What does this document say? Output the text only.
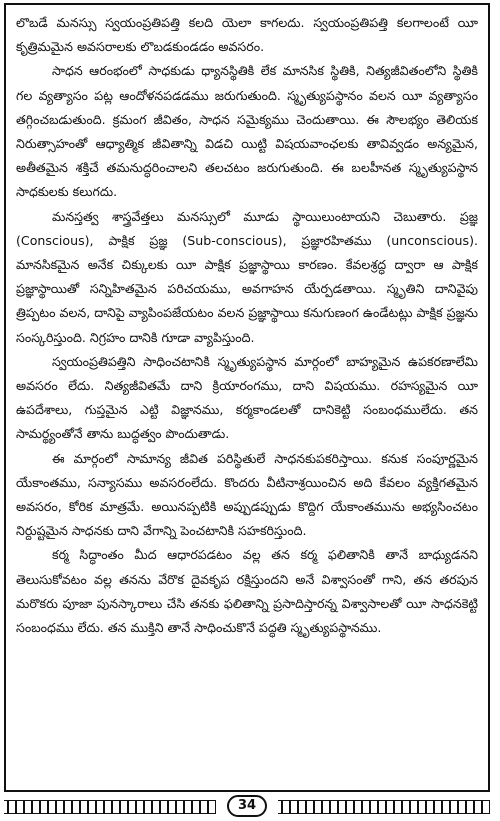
లొబడే మనస్సు స్వయంప్రతిపత్తి కలది యెలా కాగలదు. స్వయంప్రతిపత్తి కలగాలంటే యీ కృత్రిమమైన అవసరాలకు లొబడకుండడం అవసరం.

సాధన ఆరంభంలో సాధకుడు ధ్యానస్థితికి లేక మానసిక స్థితికి, నిత్యజీవితంలోని స్థితికి గల వ్యత్యాసం పట్ల ఆందోళనపడడము జరుగుతుంది. స్మృత్యుపస్థానం వలన యీ వ్యత్యాసం తగ్గించబడుతుంది. క్రమంగ జీవితం, సాధన సమైక్యము చెందుతాయి. ఈ సౌలభ్యం తెలియక నిరుత్సాహంతో ఆధ్యాత్మిక జీవితాన్ని విడచి యిట్టి విషయవాంఛలకు తావివ్వడం అన్యమైన, అతీతమైన శక్తిచే తమనుద్ధరించాలని తలచటం జరుగుతుంది. ఈ బలహీనత స్మృత్యుపస్థాన సాధకులకు కలుగదు.

మనస్తత్వ శాస్త్రవేత్తలు మనస్సులో మూడు స్థాయిలుంటాయని చెబుతారు. ప్రజ్ఞ (Conscious), పాక్షిక ప్రజ్ఞ (Sub-conscious), ప్రజ్ఞారహితము (unconscious). మానసికమైన అనేక చిక్కులకు యీ పాక్షిక ప్రజ్ఞాస్థాయి కారణం. కేవలశ్రద్ధ ద్వారా ఆ పాక్షిక ప్రజ్ఞాస్థాయితో సన్నిహితమైన పరిచయము, అవగాహన యేర్పడతాయి. స్మృతిని దానివైపు త్రిప్పటం వలన, దానిపై వ్యాపింపజేయటం వలన ప్రజ్ఞాస్థాయి కనుగుణంగ ఉండేటట్లు పాక్షిక ప్రజ్ఞను సంస్కరిస్తుంది. నిగ్రహం దానికి గూడా వ్యాపిస్తుంది.

స్వయంప్రతిపత్తిని సాధించటానికి స్మృత్యుపస్థాన మార్గంలో బాహ్యమైన ఉపకరణాలేమి అవసరం లేదు. నిత్యజీవితమే దాని క్రియారంగము, దాని విషయము. రహస్యమైన యీ ఉపదేశాలు, గుప్తమైన ఎట్టి విజ్ఞానము, కర్మకాండలతో దానికెట్టి సంబంధములేదు. తన సామర్థ్యంతోనే తాను బుద్ధత్వం పొందుతాడు.

ఈ మార్గంలో సామాన్య జీవిత పరిస్థితులే సాధనకుపకరిస్తాయి. కనుక సంపూర్ణమైన యేకాంతము, సన్యాసము అవసరంలేదు. కొందరు వీటినాశ్రయించిన అది కేవలం వ్యక్తిగతమైన అవసరం, కోరిక మాత్రమే. అయినప్పటికి అప్పుడప్పుడు కొద్దిగ యేకాంతమును అభ్యసించటం నిర్దుష్టమైన సాధనకు దాని వేగాన్ని పెంచటానికి సహకరిస్తుంది.

కర్మ సిద్ధాంతం మీద ఆధారపడటం వల్ల తన కర్మ ఫలితానికి తానే బాధ్యుడనని తెలుసుకోవటం వల్ల తనను వేరొక దైవకృప రక్షిస్తుందని అనే విశ్వాసంతో గాని, తన తరపున మరొకరు పూజా పునస్కారాలు చేసి తనకు ఫలితాన్ని ప్రసాదిస్తారన్న విశ్వాసాలతో యీ సాధనకెట్టి సంబంధము లేదు. తన ముక్తిని తానే సాధించుకొనే పద్ధతి స్మృత్యుపస్థానము.

34
